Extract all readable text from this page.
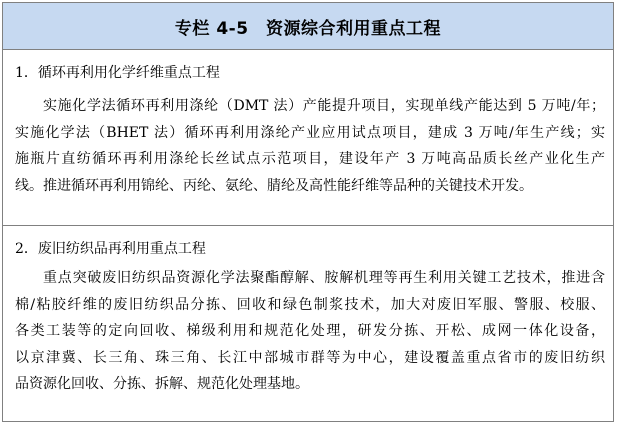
专栏 4-5　资源综合利用重点工程
1．循环再利用化学纤维重点工程
实施化学法循环再利用涤纶（DMT 法）产能提升项目，实现单线产能达到 5 万吨/年；
实施化学法（BHET 法）循环再利用涤纶产业应用试点项目，建成 3 万吨/年生产线；实
施瓶片直纺循环再利用涤纶长丝试点示范项目，建设年产 3 万吨高品质长丝产业化生产
线。推进循环再利用锦纶、丙纶、氨纶、腈纶及高性能纤维等品种的关键技术开发。
2．废旧纺织品再利用重点工程
重点突破废旧纺织品资源化学法聚酯醇解、胺解机理等再生利用关键工艺技术，推进含
棉/粘胶纤维的废旧纺织品分拣、回收和绿色制浆技术，加大对废旧军服、警服、校服、
各类工装等的定向回收、梯级利用和规范化处理，研发分拣、开松、成网一体化设备，
以京津冀、长三角、珠三角、长江中部城市群等为中心，建设覆盖重点省市的废旧纺织
品资源化回收、分拣、拆解、规范化处理基地。
